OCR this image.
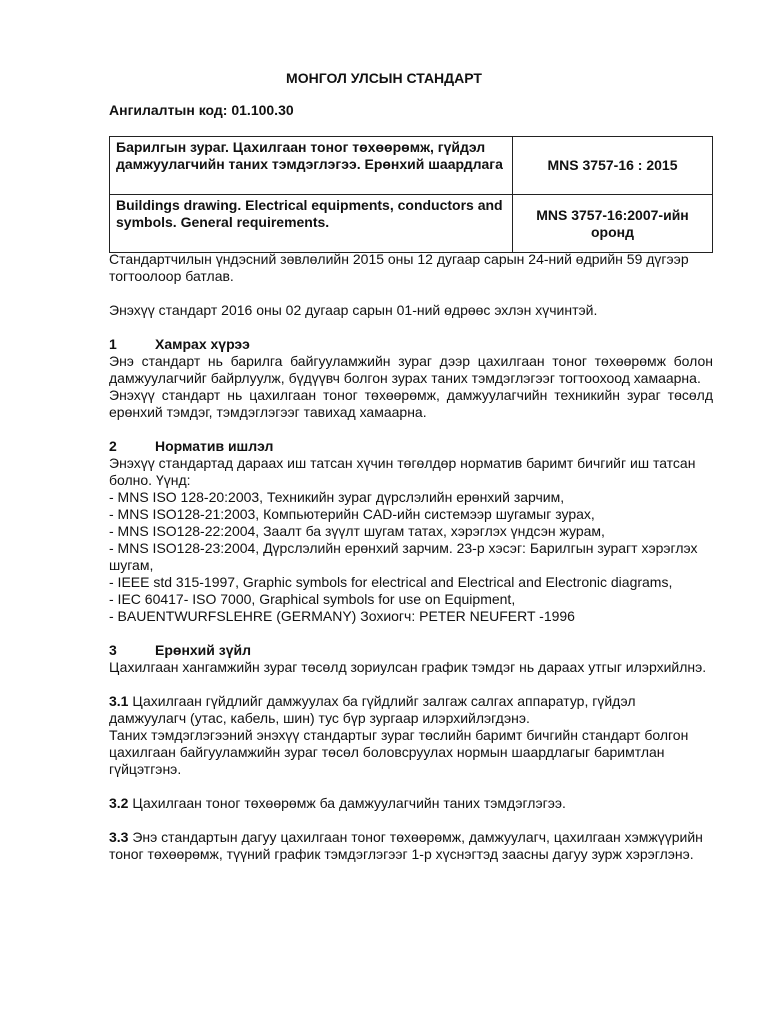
МОНГОЛ УЛСЫН СТАНДАРТ
Ангилалтын код: 01.100.30
Барилгын зураг. Цахилгаан тоног төхөөрөмж, гүйдэл дамжуулагчийн таних тэмдэглэгээ. Ерөнхий шаардлага	MNS 3757-16 : 2015
Buildings drawing. Electrical equipments, conductors and symbols. General requirements.	MNS 3757-16:2007-ийн оронд

Стандартчилын үндэсний зөвлөлийн 2015 оны 12 дугаар сарын 24-ний өдрийн 59 дүгээр тогтоолоор батлав.

Энэхүү стандарт 2016 оны 02 дугаар сарын 01-ний өдрөөс эхлэн хүчинтэй.

1	Хамрах хүрээ

Энэ стандарт нь барилга байгууламжийн зураг дээр цахилгаан тоног төхөөрөмж болон дамжуулагчийг байрлуулж, бүдүүвч болгон зурах таних тэмдэглэгээг тогтоохоод хамаарна.

Энэхүү стандарт нь цахилгаан тоног төхөөрөмж, дамжуулагчийн техникийн зураг төсөлд ерөнхий тэмдэг, тэмдэглэгээг тавихад хамаарна.

2	Норматив ишлэл

Энэхүү стандартад дараах иш татсан хүчин төгөлдөр норматив баримт бичгийг иш татсан болно. Үүнд:

- MNS ISO 128-20:2003, Техникийн зураг дүрслэлийн ерөнхий зарчим,

- MNS ISO128-21:2003, Компьютерийн CAD-ийн системээр шугамыг зурах,

- MNS ISO128-22:2004, Заалт ба зүүлт шугам татах, хэрэглэх үндсэн журам,

- MNS ISO128-23:2004, Дүрслэлийн ерөнхий зарчим. 23-р хэсэг: Барилгын зурагт хэрэглэх шугам,

- IEEE std 315-1997, Graphic symbols for electrical and Electrical and Electronic diagrams,

- IEC 60417- ISO 7000, Graphical symbols for use on Equipment,

- BAUENTWURFSLEHRE (GERMANY) Зохиогч: PETER NEUFERT -1996

3	Ерөнхий зүйл

Цахилгаан хангамжийн зураг төсөлд зориулсан график тэмдэг нь дараах утгыг илэрхийлнэ.

3.1 Цахилгаан гүйдлийг дамжуулах ба гүйдлийг залгаж салгах аппаратур, гүйдэл дамжуулагч (утас, кабель, шин) тус бүр зургаар илэрхийлэгдэнэ.

Таних тэмдэглэгээний энэхүү стандартыг зураг төслийн баримт бичгийн стандарт болгон цахилгаан байгууламжийн зураг төсөл боловсруулах нормын шаардлагыг баримтлан гүйцэтгэнэ.

3.2 Цахилгаан тоног төхөөрөмж ба дамжуулагчийн таних тэмдэглэгээ.

3.3 Энэ стандартын дагуу цахилгаан тоног төхөөрөмж, дамжуулагч, цахилгаан хэмжүүрийн тоног төхөөрөмж, түүний график тэмдэглэгээг 1-р хүснэгтэд заасны дагуу зурж хэрэглэнэ.
